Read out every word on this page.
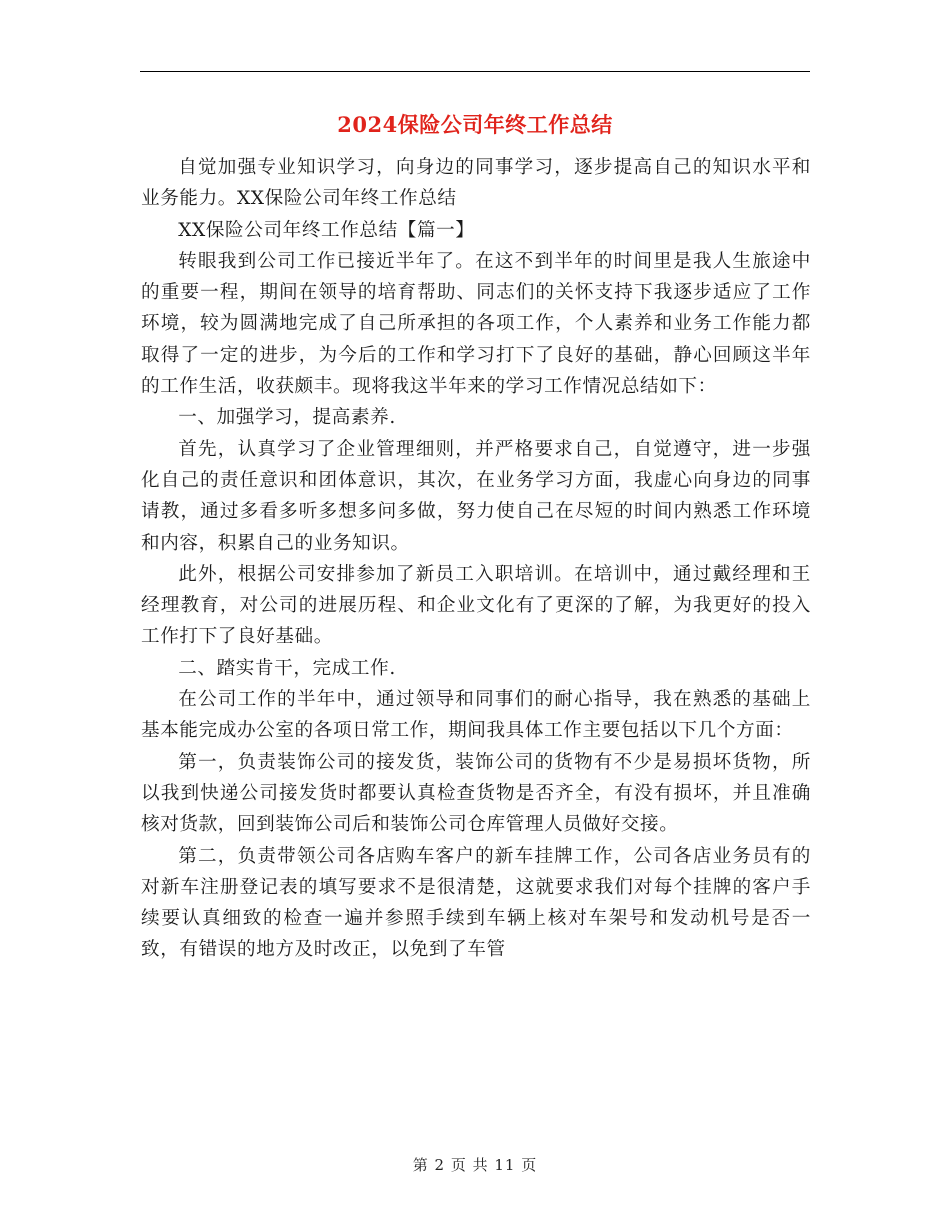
2024保险公司年终工作总结

自觉加强专业知识学习，向身边的同事学习，逐步提高自己的知识水平和业务能力。XX保险公司年终工作总结

XX保险公司年终工作总结【篇一】

转眼我到公司工作已接近半年了。在这不到半年的时间里是我人生旅途中的重要一程，期间在领导的培育帮助、同志们的关怀支持下我逐步适应了工作环境，较为圆满地完成了自己所承担的各项工作，个人素养和业务工作能力都取得了一定的进步，为今后的工作和学习打下了良好的基础，静心回顾这半年的工作生活，收获颇丰。现将我这半年来的学习工作情况总结如下：

一、加强学习，提高素养.

首先，认真学习了企业管理细则，并严格要求自己，自觉遵守，进一步强化自己的责任意识和团体意识，其次，在业务学习方面，我虚心向身边的同事请教，通过多看多听多想多问多做，努力使自己在尽短的时间内熟悉工作环境和内容，积累自己的业务知识。

此外，根据公司安排参加了新员工入职培训。在培训中，通过戴经理和王经理教育，对公司的进展历程、和企业文化有了更深的了解，为我更好的投入工作打下了良好基础。

二、踏实肯干，完成工作.

在公司工作的半年中，通过领导和同事们的耐心指导，我在熟悉的基础上基本能完成办公室的各项日常工作，期间我具体工作主要包括以下几个方面：

第一，负责装饰公司的接发货，装饰公司的货物有不少是易损坏货物，所以我到快递公司接发货时都要认真检查货物是否齐全，有没有损坏，并且准确核对货款，回到装饰公司后和装饰公司仓库管理人员做好交接。

第二，负责带领公司各店购车客户的新车挂牌工作，公司各店业务员有的对新车注册登记表的填写要求不是很清楚，这就要求我们对每个挂牌的客户手续要认真细致的检查一遍并参照手续到车辆上核对车架号和发动机号是否一致，有错误的地方及时改正，以免到了车管

第 2 页 共 11 页
